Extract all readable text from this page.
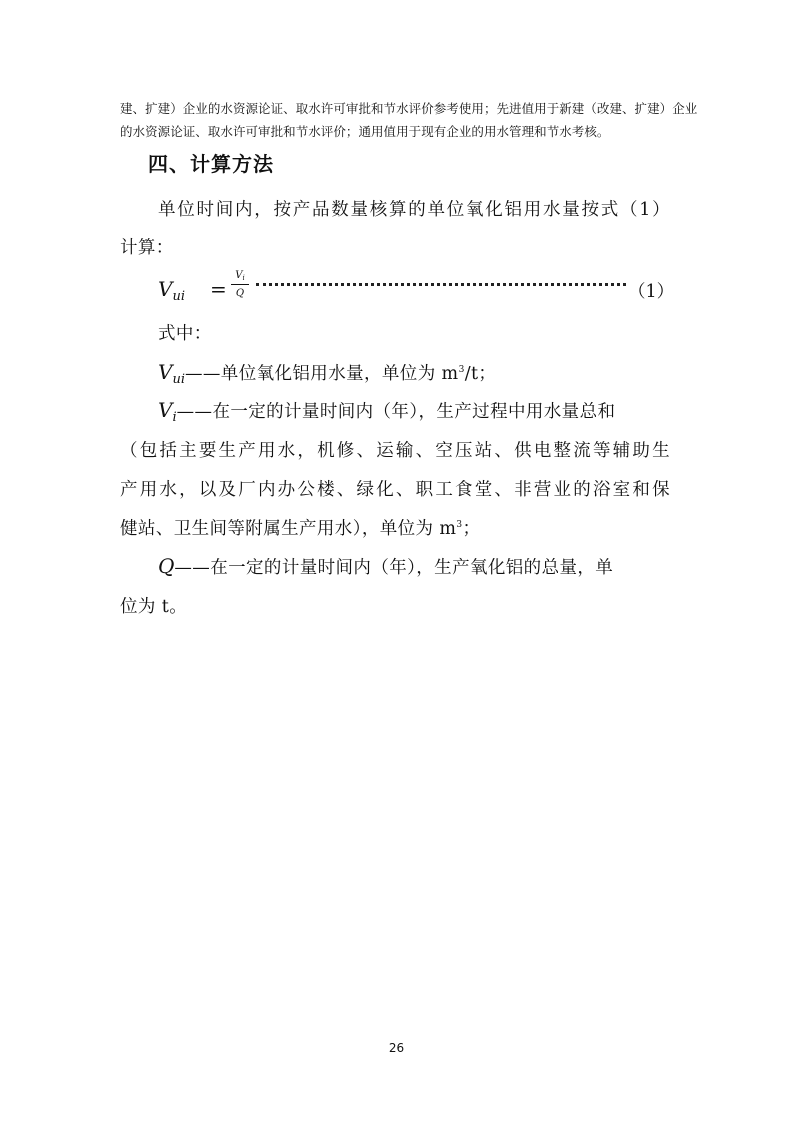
建、扩建）企业的水资源论证、取水许可审批和节水评价参考使用；先进值用于新建（改建、扩建）企业
的水资源论证、取水许可审批和节水评价；通用值用于现有企业的用水管理和节水考核。
四、计算方法
单位时间内，按产品数量核算的单位氧化铝用水量按式（1）
计算：
$V_{ui} = \frac{V_i}{Q}$	（1）
式中：
$V_{ui}——$单位氧化铝用水量，单位为 $m^3/t$；
$V_i——$在一定的计量时间内（年），生产过程中用水量总和
（包括主要生产用水，机修、运输、空压站、供电整流等辅助生
产用水，以及厂内办公楼、绿化、职工食堂、非营业的浴室和保
健站、卫生间等附属生产用水），单位为 $m^3$；
Q——在一定的计量时间内（年），生产氧化铝的总量，单
位为 t。
26
